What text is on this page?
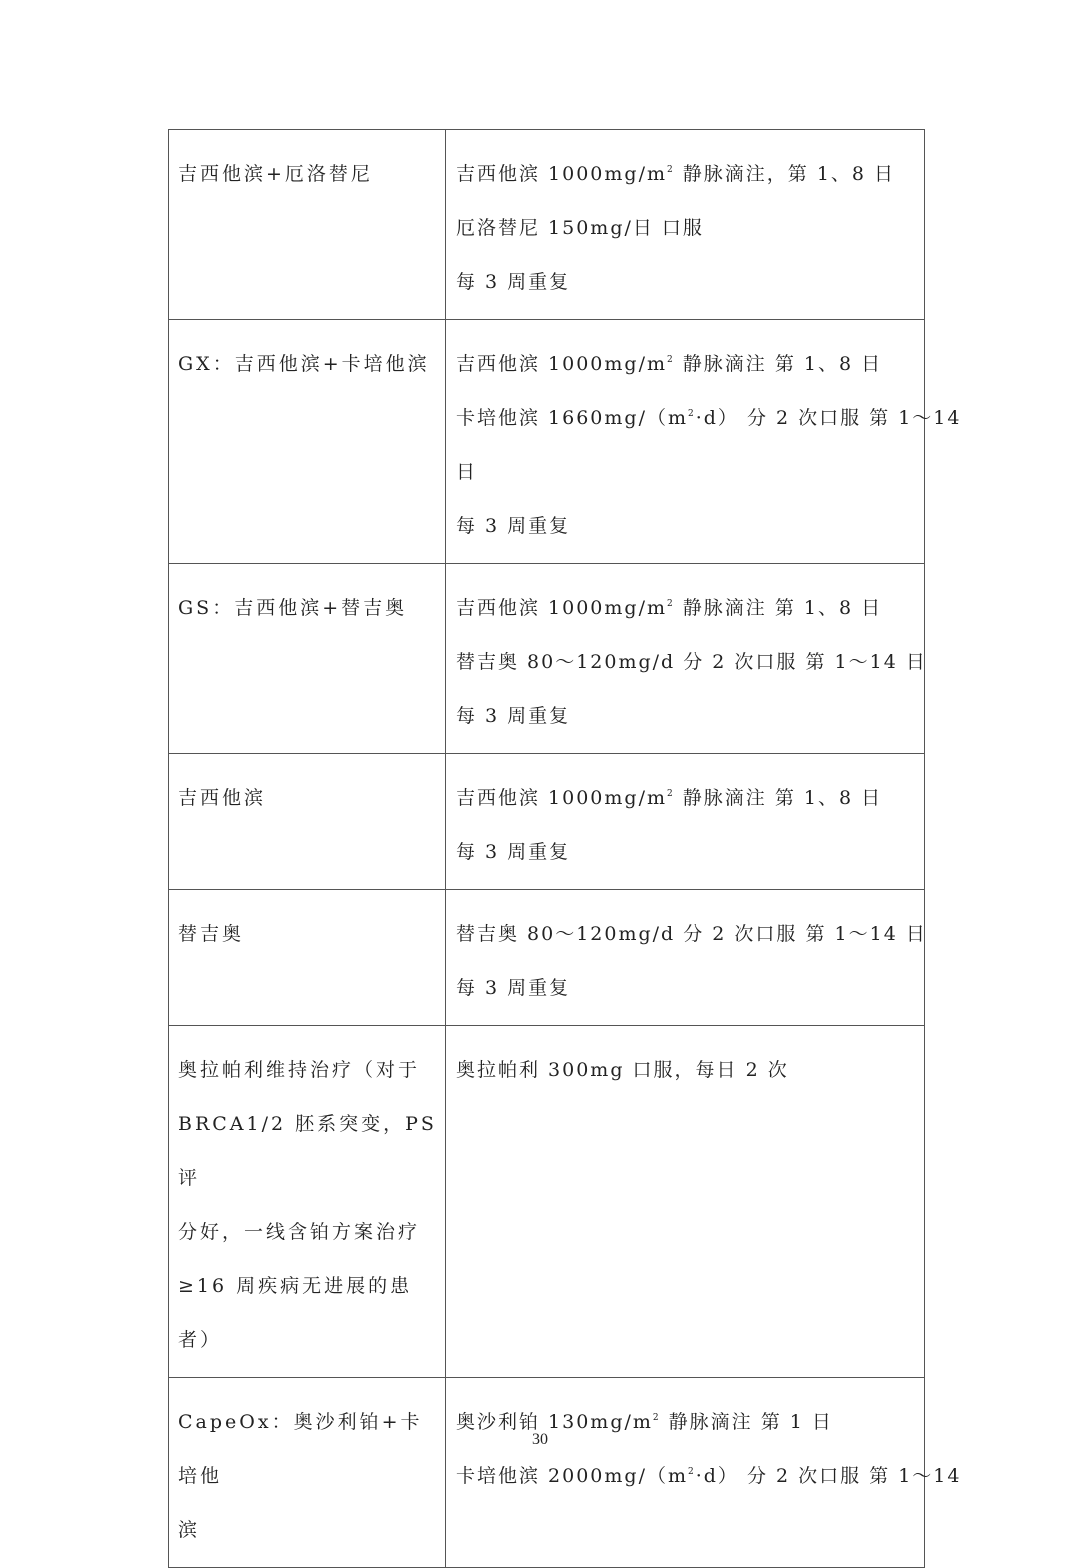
吉西他滨+厄洛替尼	吉西他滨 $1000mg/m^2$ 静脉滴注，第 1、8 日
厄洛替尼 150mg/日 口服
每 3 周重复

GX：吉西他滨+卡培他滨	吉西他滨 $1000mg/m^2$ 静脉滴注 第 1、8 日
卡培他滨 $1660mg/(m^2\cdot d)$ 分 2 次口服 第 1～14
日
每 3 周重复

GS：吉西他滨+替吉奥	吉西他滨 $1000mg/m^2$ 静脉滴注 第 1、8 日
替吉奥 80～120mg/d 分 2 次口服 第 1～14 日
每 3 周重复

吉西他滨	吉西他滨 $1000mg/m^2$ 静脉滴注 第 1、8 日
每 3 周重复

替吉奥	替吉奥 80～120mg/d 分 2 次口服 第 1～14 日
每 3 周重复

奥拉帕利维持治疗（对于
BRCA1/2 胚系突变，PS 评
分好，一线含铂方案治疗
≥16 周疾病无进展的患
者）	奥拉帕利 300mg 口服，每日 2 次

CapeOx：奥沙利铂+卡培他
滨	奥沙利铂 $130mg/m^2$ 静脉滴注 第 1 日
卡培他滨 $2000mg/(m^2\cdot d)$ 分 2 次口服 第 1～14
30
